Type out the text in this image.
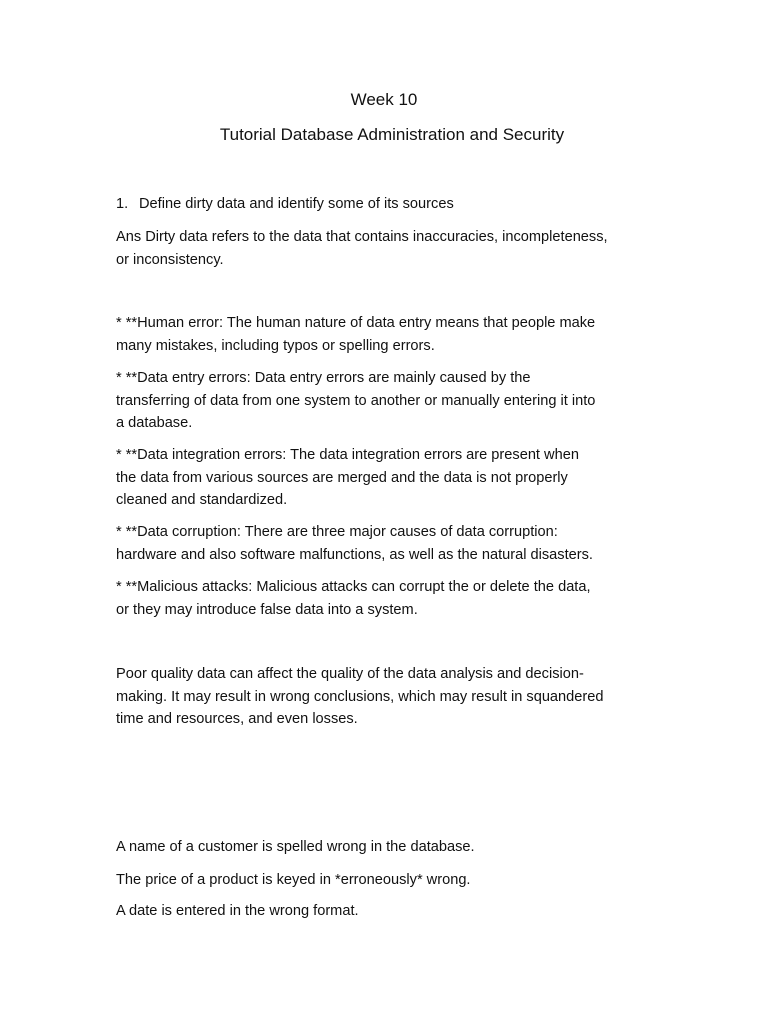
Week 10
Tutorial Database Administration and Security
1. Define dirty data and identify some of its sources

Ans Dirty data refers to the data that contains inaccuracies, incompleteness,
or inconsistency.

* **Human error: The human nature of data entry means that people make
many mistakes, including typos or spelling errors.

* **Data entry errors: Data entry errors are mainly caused by the
transferring of data from one system to another or manually entering it into
a database.

* **Data integration errors: The data integration errors are present when
the data from various sources are merged and the data is not properly
cleaned and standardized.

* **Data corruption: There are three major causes of data corruption:
hardware and also software malfunctions, as well as the natural disasters.

* **Malicious attacks: Malicious attacks can corrupt the or delete the data,
or they may introduce false data into a system.

Poor quality data can affect the quality of the data analysis and decision-
making. It may result in wrong conclusions, which may result in squandered
time and resources, and even losses.

A name of a customer is spelled wrong in the database.

The price of a product is keyed in *erroneously* wrong.

A date is entered in the wrong format.
